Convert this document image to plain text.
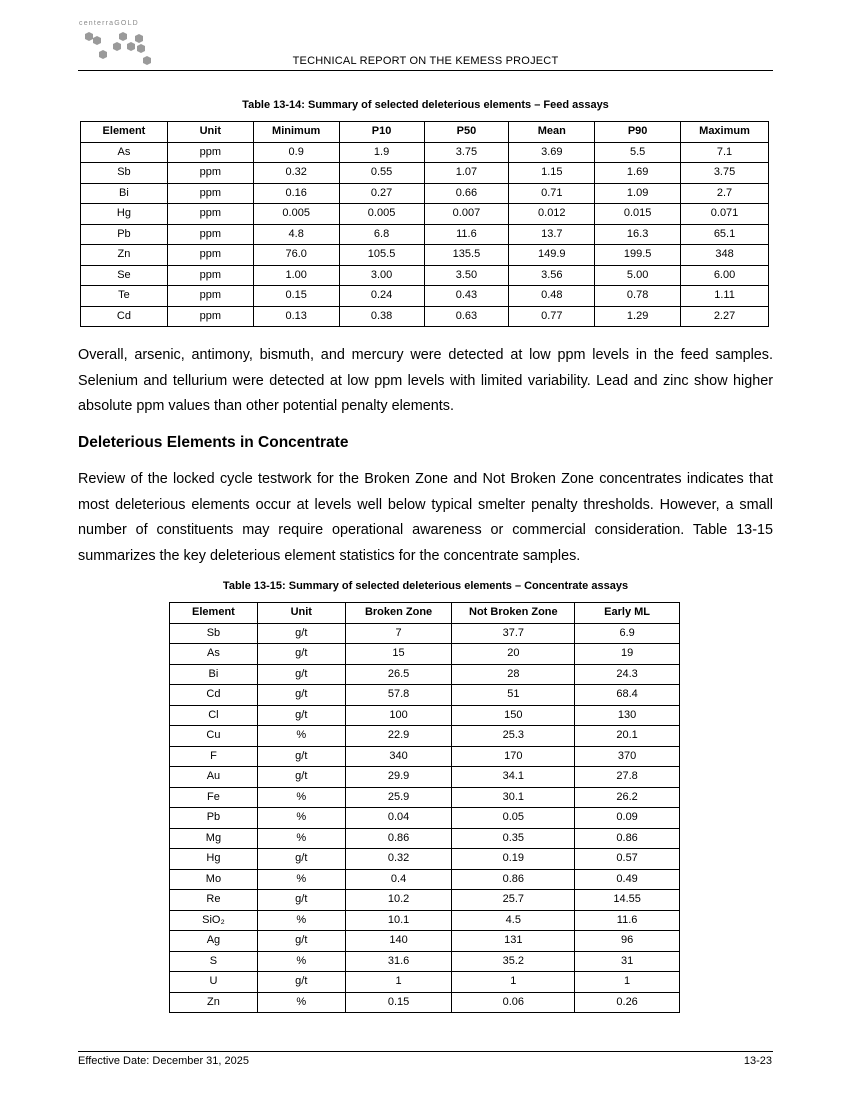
centerraGOLD
TECHNICAL REPORT ON THE KEMESS PROJECT
Table 13-14: Summary of selected deleterious elements – Feed assays
Element	Unit	Minimum	P10	P50	Mean	P90	Maximum
As	ppm	0.9	1.9	3.75	3.69	5.5	7.1
Sb	ppm	0.32	0.55	1.07	1.15	1.69	3.75
Bi	ppm	0.16	0.27	0.66	0.71	1.09	2.7
Hg	ppm	0.005	0.005	0.007	0.012	0.015	0.071
Pb	ppm	4.8	6.8	11.6	13.7	16.3	65.1
Zn	ppm	76.0	105.5	135.5	149.9	199.5	348
Se	ppm	1.00	3.00	3.50	3.56	5.00	6.00
Te	ppm	0.15	0.24	0.43	0.48	0.78	1.11
Cd	ppm	0.13	0.38	0.63	0.77	1.29	2.27

Overall, arsenic, antimony, bismuth, and mercury were detected at low ppm levels in the feed samples. Selenium and tellurium were detected at low ppm levels with limited variability. Lead and zinc show higher absolute ppm values than other potential penalty elements.

Deleterious Elements in Concentrate

Review of the locked cycle testwork for the Broken Zone and Not Broken Zone concentrates indicates that most deleterious elements occur at levels well below typical smelter penalty thresholds. However, a small number of constituents may require operational awareness or commercial consideration. Table 13-15 summarizes the key deleterious element statistics for the concentrate samples.

Table 13-15: Summary of selected deleterious elements – Concentrate assays
Element	Unit	Broken Zone	Not Broken Zone	Early ML
Sb	g/t	7	37.7	6.9
As	g/t	15	20	19
Bi	g/t	26.5	28	24.3
Cd	g/t	57.8	51	68.4
Cl	g/t	100	150	130
Cu	%	22.9	25.3	20.1
F	g/t	340	170	370
Au	g/t	29.9	34.1	27.8
Fe	%	25.9	30.1	26.2
Pb	%	0.04	0.05	0.09
Mg	%	0.86	0.35	0.86
Hg	g/t	0.32	0.19	0.57
Mo	%	0.4	0.86	0.49
Re	g/t	10.2	25.7	14.55
SiO₂	%	10.1	4.5	11.6
Ag	g/t	140	131	96
S	%	31.6	35.2	31
U	g/t	1	1	1
Zn	%	0.15	0.06	0.26
Effective Date: December 31, 2025	13-23
